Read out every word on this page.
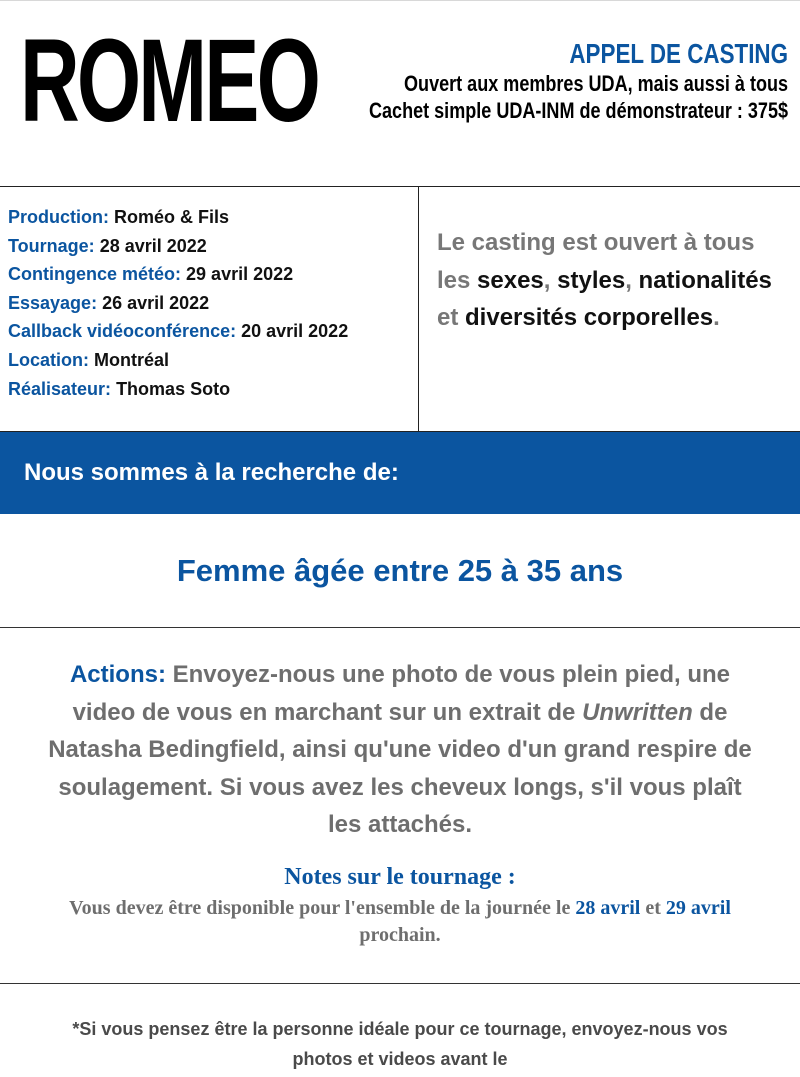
ROMEO	APPEL DE CASTING
Ouvert aux membres UDA, mais aussi à tous
Cachet simple UDA-INM de démonstrateur : 375$
Production: Roméo & Fils
Tournage: 28 avril 2022
Contingence météo: 29 avril 2022
Essayage: 26 avril 2022
Callback vidéoconférence: 20 avril 2022
Location: Montréal
Réalisateur: Thomas Soto
Le casting est ouvert à tous les sexes, styles, nationalités et diversités corporelles.
Nous sommes à la recherche de:
Femme âgée entre 25 à 35 ans
Actions: Envoyez-nous une photo de vous plein pied, une video de vous en marchant sur un extrait de Unwritten de Natasha Bedingfield, ainsi qu'une video d'un grand respire de soulagement. Si vous avez les cheveux longs, s'il vous plaît les attachés.
Notes sur le tournage :
Vous devez être disponible pour l'ensemble de la journée le 28 avril et 29 avril prochain.
*Si vous pensez être la personne idéale pour ce tournage, envoyez-nous vos photos et videos avant le
